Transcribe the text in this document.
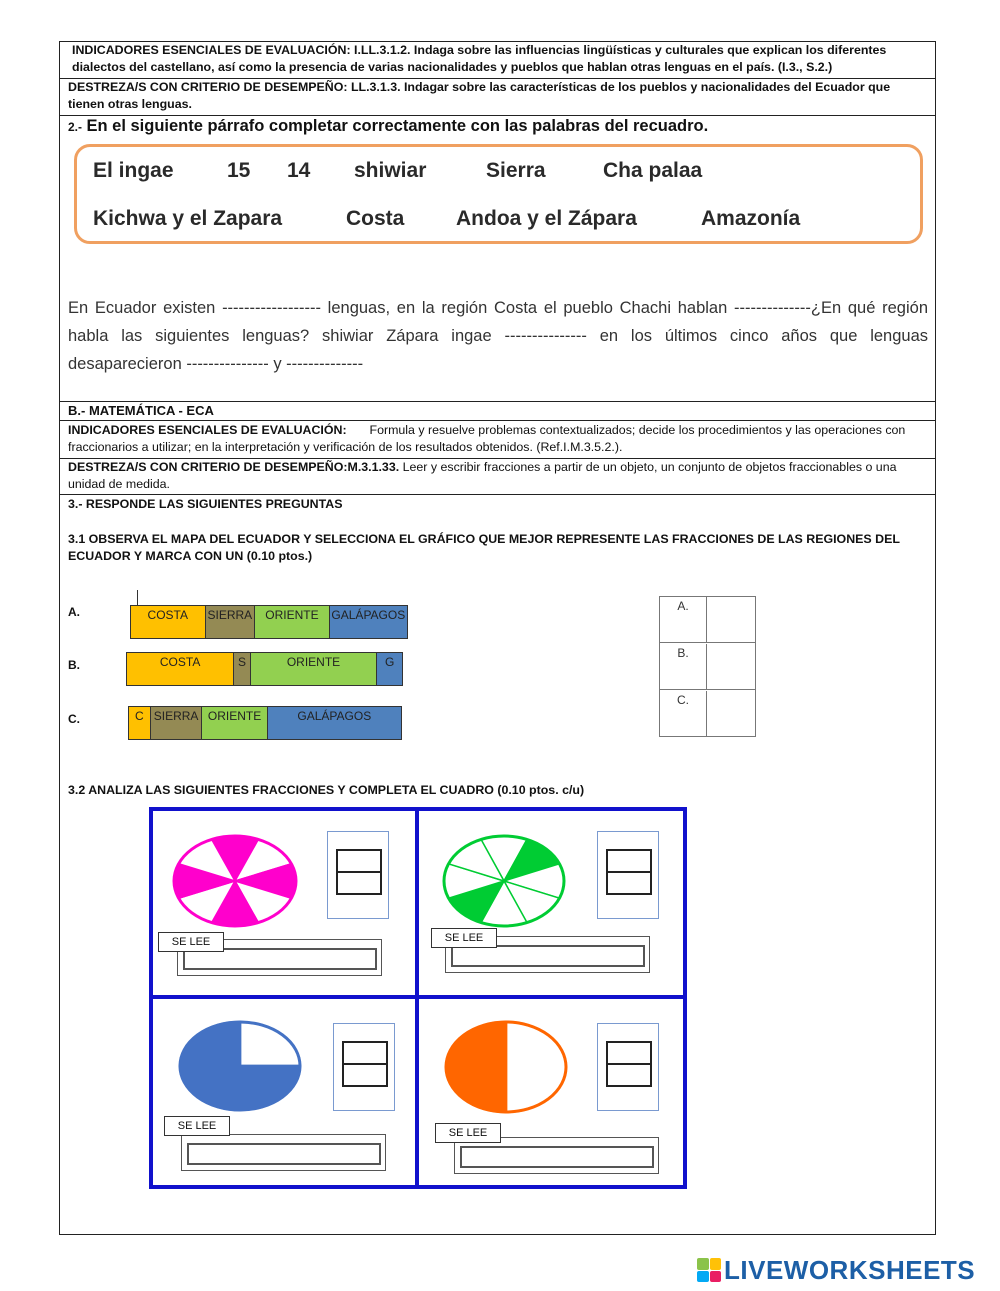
INDICADORES ESENCIALES DE EVALUACIÓN: I.LL.3.1.2. Indaga sobre las influencias lingüísticas y culturales que explican los diferentes dialectos del castellano, así como la presencia de varias nacionalidades y pueblos que hablan otras lenguas en el país. (I.3., S.2.)
DESTREZA/S CON CRITERIO DE DESEMPEÑO: LL.3.1.3. Indagar sobre las características de los pueblos y nacionalidades del Ecuador que tienen otras lenguas.
2.- En el siguiente párrafo completar correctamente con las palabras del recuadro.
El ingae	15 14 shiwiar	Sierra	Cha palaa
Kichwa y el Zapara	Costa Andoa y el Zápara	Amazonía
En Ecuador existen ------------------ lenguas, en la región Costa el pueblo Chachi hablan --------------¿En qué región habla las siguientes lenguas? shiwiar Zápara ingae --------------- en los últimos cinco años que lenguas desaparecieron --------------- y --------------
B.- MATEMÁTICA - ECA
INDICADORES ESENCIALES DE EVALUACIÓN: Formula y resuelve problemas contextualizados; decide los procedimientos y las operaciones con fraccionarios a utilizar; en la interpretación y verificación de los resultados obtenidos. (Ref.I.M.3.5.2.).
DESTREZA/S CON CRITERIO DE DESEMPEÑO:M.3.1.33. Leer y escribir fracciones a partir de un objeto, un conjunto de objetos fraccionables o una unidad de medida.
3.- RESPONDE LAS SIGUIENTES PREGUNTAS
3.1 OBSERVA EL MAPA DEL ECUADOR Y SELECCIONA EL GRÁFICO QUE MEJOR REPRESENTE LAS FRACCIONES DE LAS REGIONES DEL ECUADOR Y MARCA CON UN (0.10 ptos.)
A.	COSTA	SIERRA	ORIENTE	GALÁPAGOS
B.	COSTA	S	ORIENTE	G
C.	C SIERRA ORIENTE	GALÁPAGOS
A.
B.
C.
3.2 ANALIZA LAS SIGUIENTES FRACCIONES Y COMPLETA EL CUADRO (0.10 ptos. c/u)
SE LEE	SE LEE
SE LEE
SE LEE
LIVEWORKSHEETS
